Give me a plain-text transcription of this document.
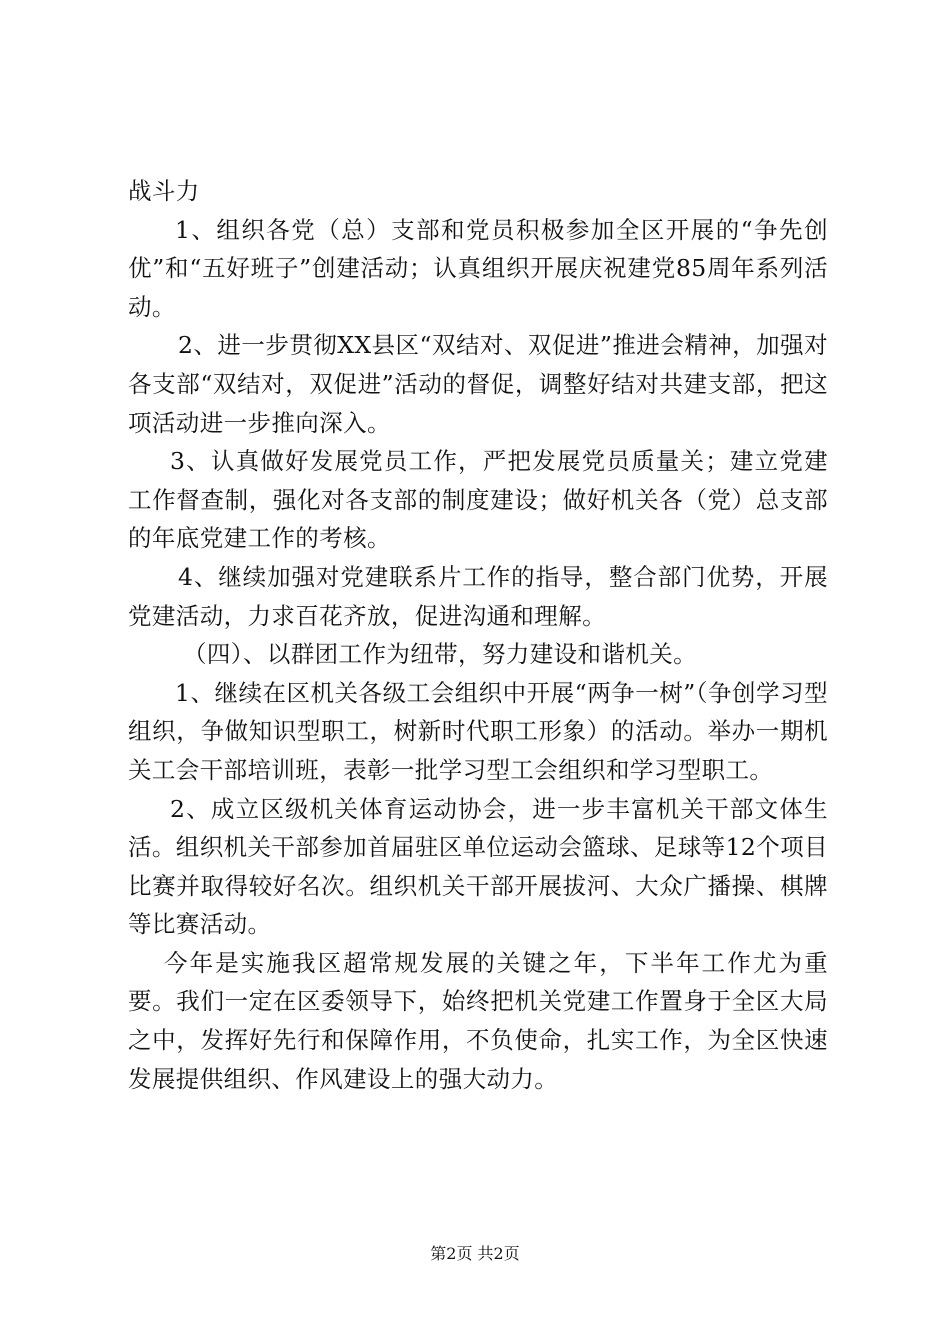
战斗力

1、组织各党（总）支部和党员积极参加全区开展的“争先创优”和“五好班子”创建活动；认真组织开展庆祝建党85周年系列活动。

2、进一步贯彻XX县区“双结对、双促进”推进会精神，加强对各支部“双结对，双促进”活动的督促，调整好结对共建支部，把这项活动进一步推向深入。

3、认真做好发展党员工作，严把发展党员质量关；建立党建工作督查制，强化对各支部的制度建设；做好机关各（党）总支部的年底党建工作的考核。

4、继续加强对党建联系片工作的指导，整合部门优势，开展党建活动，力求百花齐放，促进沟通和理解。

（四）、以群团工作为纽带，努力建设和谐机关。

1、继续在区机关各级工会组织中开展“两争一树”（争创学习型组织，争做知识型职工，树新时代职工形象）的活动。举办一期机关工会干部培训班，表彰一批学习型工会组织和学习型职工。

2、成立区级机关体育运动协会，进一步丰富机关干部文体生活。组织机关干部参加首届驻区单位运动会篮球、足球等12个项目比赛并取得较好名次。组织机关干部开展拔河、大众广播操、棋牌等比赛活动。

今年是实施我区超常规发展的关键之年，下半年工作尤为重要。我们一定在区委领导下，始终把机关党建工作置身于全区大局之中，发挥好先行和保障作用，不负使命，扎实工作，为全区快速发展提供组织、作风建设上的强大动力。

第2页 共2页
